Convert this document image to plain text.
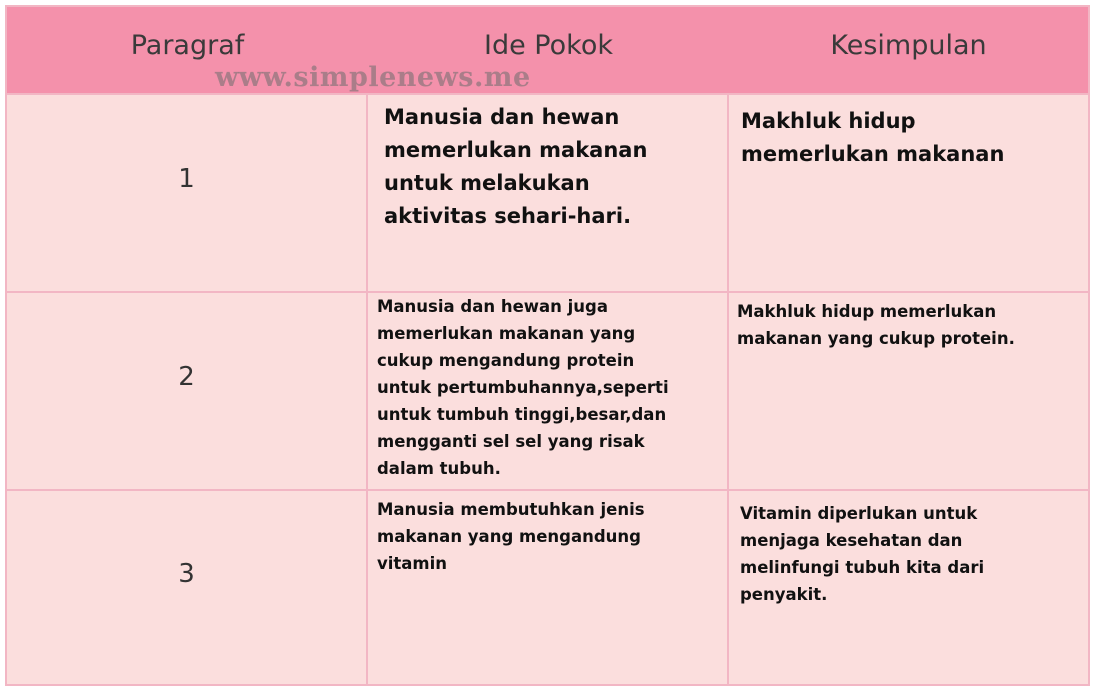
Paragraf	Ide Pokok	Kesimpulan
1
Manusia dan hewan
memerlukan makanan
untuk melakukan
aktivitas sehari-hari.
Makhluk hidup
memerlukan makanan
2
Manusia dan hewan juga
memerlukan makanan yang
cukup mengandung protein
untuk pertumbuhannya,seperti
untuk tumbuh tinggi,besar,dan
mengganti sel sel yang risak
dalam tubuh.
Makhluk hidup memerlukan
makanan yang cukup protein.
3
Manusia membutuhkan jenis
makanan yang mengandung
vitamin
Vitamin diperlukan untuk
menjaga kesehatan dan
melinfungi tubuh kita dari
penyakit.
www.simplenews.me
